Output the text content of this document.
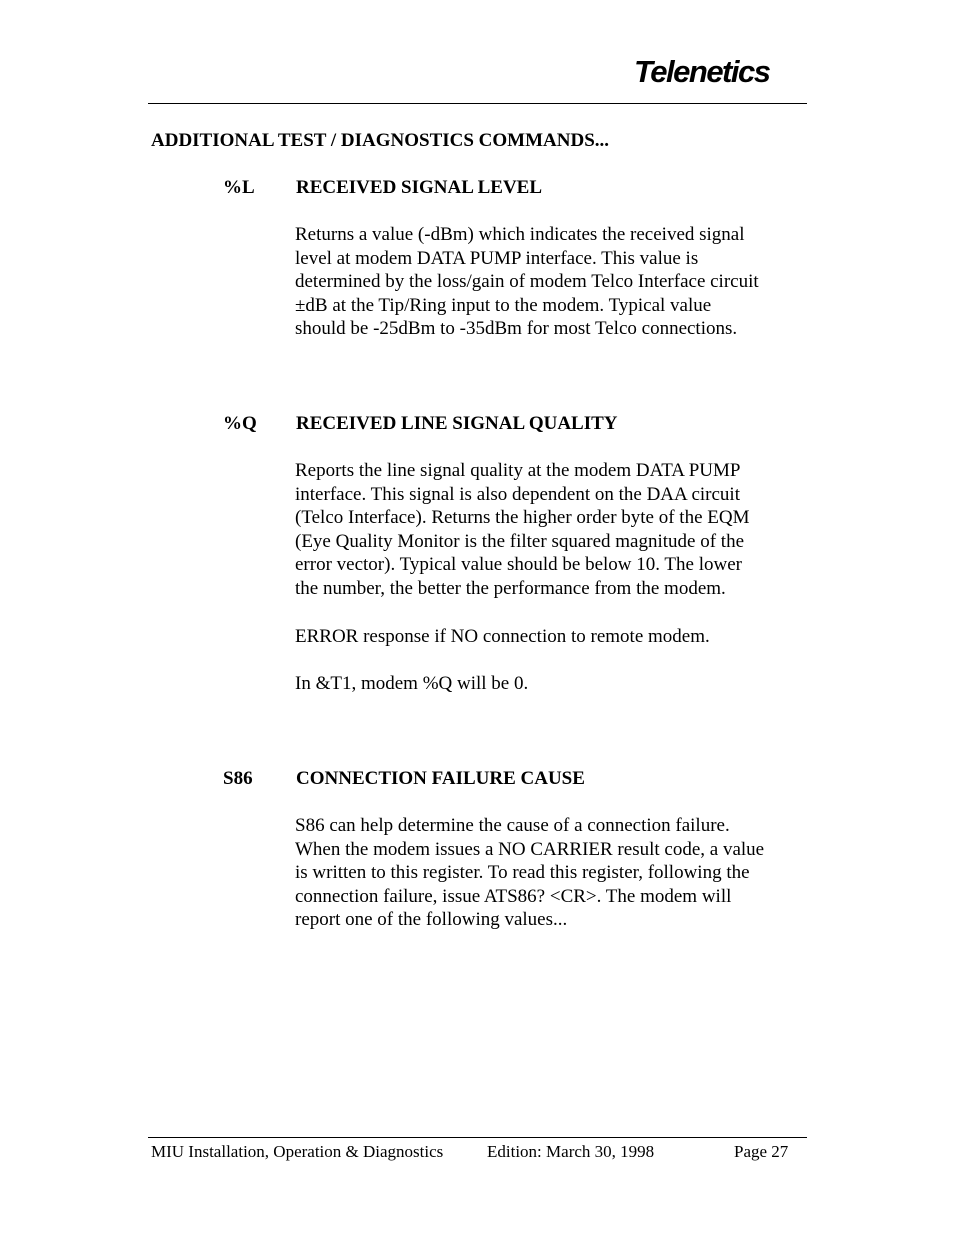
Telenetics
ADDITIONAL TEST / DIAGNOSTICS COMMANDS...
%L RECEIVED SIGNAL LEVEL
Returns a value (-dBm) which indicates the received signal
level at modem DATA PUMP interface. This value is
determined by the loss/gain of modem Telco Interface circuit
±dB at the Tip/Ring input to the modem. Typical value
should be -25dBm to -35dBm for most Telco connections.
%Q RECEIVED LINE SIGNAL QUALITY
Reports the line signal quality at the modem DATA PUMP
interface. This signal is also dependent on the DAA circuit
(Telco Interface). Returns the higher order byte of the EQM
(Eye Quality Monitor is the filter squared magnitude of the
error vector). Typical value should be below 10. The lower
the number, the better the performance from the modem.
ERROR response if NO connection to remote modem.
In &T1, modem %Q will be 0.
S86 CONNECTION FAILURE CAUSE
S86 can help determine the cause of a connection failure.
When the modem issues a NO CARRIER result code, a value
is written to this register. To read this register, following the
connection failure, issue ATS86? <CR>. The modem will
report one of the following values...
MIU Installation, Operation & Diagnostics	Edition: March 30, 1998	Page 27
